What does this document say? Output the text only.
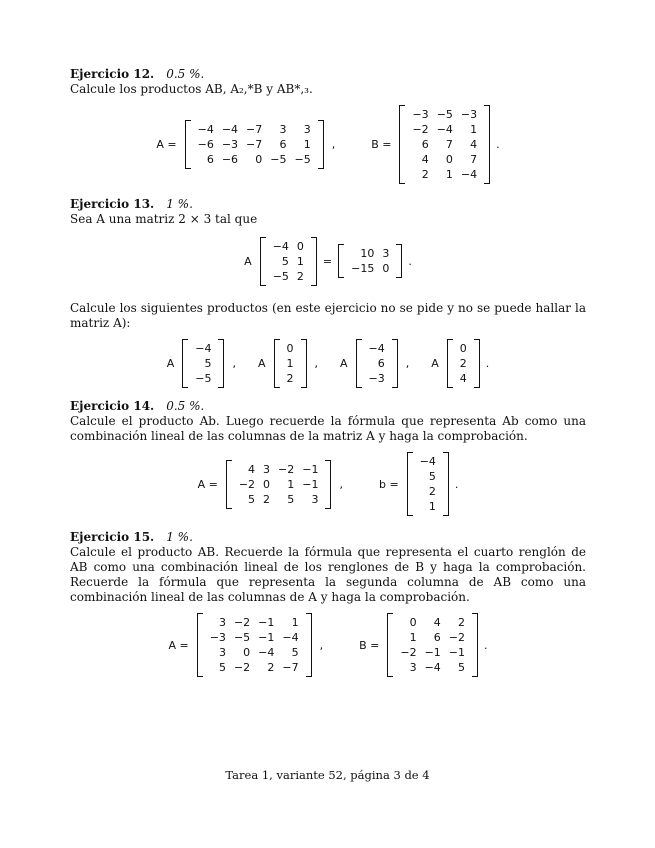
Ejercicio 12. 0.5 %.

Calcule los productos AB, A₂,*B y AB*,₃.

A =
−4	−4	−7	3	3
−6	−3	−7	6	1
6	−6	0	−5	−5
,	B =
−3	−5	−3
−2	−4	1
6	7	4
4	0	7
2	1	−4
.
Ejercicio 13. 1 %.

Sea A una matriz 2 × 3 tal que

A
−4	0
5	1
−5	2
=
10	3
−15	0
.

Calcule los siguientes productos (en este ejercicio no se pide y no se puede hallar la matriz A):

A
−4
5
−5
, A
0
1
2
, A
−4
6
−3
, A
0
2
4
.
Ejercicio 14. 0.5 %.

Calcule el producto Ab. Luego recuerde la fórmula que representa Ab como una combinación lineal de las columnas de la matriz A y haga la comprobación.

A =
4	3	−2	−1
−2	0	1	−1
5	2	5	3
,	b =
−4
5
2
1
.
Ejercicio 15. 1 %.

Calcule el producto AB. Recuerde la fórmula que representa el cuarto renglón de AB como una combinación lineal de los renglones de B y haga la comprobación. Recuerde la fórmula que representa la segunda columna de AB como una combinación lineal de las columnas de A y haga la comprobación.

A =
3	−2	−1	1
−3	−5	−1	−4
3	0	−4	5
5	−2	2	−7
,	B =
0	4	2
1	6	−2
−2	−1	−1
3	−4	5
.
Tarea 1, variante 52, página 3 de 4
